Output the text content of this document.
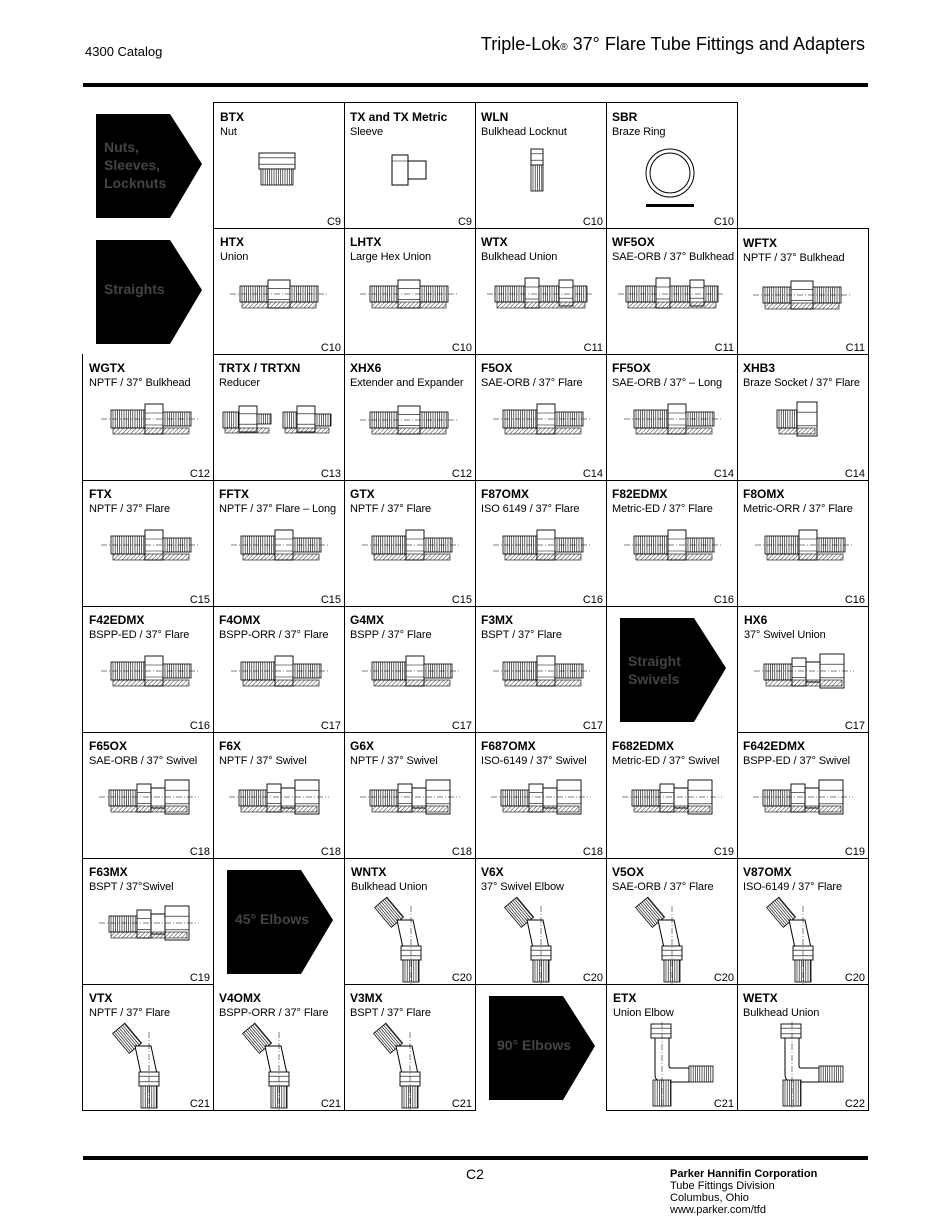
4300 Catalog	Triple-Lok® 37° Flare Tube Fittings and Adapters
Nuts,
Sleeves,
Locknuts
BTX
Nut
C9
TX and TX Metric
Sleeve
C9
WLN
Bulkhead Locknut
C10
SBR
Braze Ring
C10
Straights
HTX
Union
C10
LHTX
Large Hex Union
C10
WTX
Bulkhead Union
C11
WF5OX
SAE-ORB / 37° Bulkhead
C11
WFTX
NPTF / 37° Bulkhead
C11
WGTX
NPTF / 37° Bulkhead
C12
TRTX / TRTXN
Reducer
C13
XHX6
Extender and Expander
C12
F5OX
SAE-ORB / 37° Flare
C14
FF5OX
SAE-ORB / 37° – Long
C14
XHB3
Braze Socket / 37° Flare
C14
FTX
NPTF / 37° Flare
C15
FFTX
NPTF / 37° Flare – Long
C15
GTX
NPTF / 37° Flare
C15
F87OMX
ISO 6149 / 37° Flare
C16
F82EDMX
Metric-ED / 37° Flare
C16
F8OMX
Metric-ORR / 37° Flare
C16
F42EDMX
BSPP-ED / 37° Flare
C16
F4OMX
BSPP-ORR / 37° Flare
C17
G4MX
BSPP / 37° Flare
C17
F3MX
BSPT / 37° Flare
C17
Straight
Swivels
HX6
37° Swivel Union
C17
F65OX
SAE-ORB / 37° Swivel
C18
F6X
NPTF / 37° Swivel
C18
G6X
NPTF / 37° Swivel
C18
F687OMX
ISO-6149 / 37° Swivel
C18
F682EDMX
Metric-ED / 37° Swivel
C19
F642EDMX
BSPP-ED / 37° Swivel
C19
F63MX
BSPT / 37°Swivel
C19
45° Elbows
WNTX
Bulkhead Union
C20
V6X
37° Swivel Elbow
C20
V5OX
SAE-ORB / 37° Flare
C20
V87OMX
ISO-6149 / 37° Flare
C20
VTX
NPTF / 37° Flare
C21
V4OMX
BSPP-ORR / 37° Flare
C21
V3MX
BSPT / 37° Flare
C21
90° Elbows
ETX
Union Elbow
C21
WETX
Bulkhead Union
C22
C2	Parker Hannifin Corporation
Tube Fittings Division
Columbus, Ohio
www.parker.com/tfd
